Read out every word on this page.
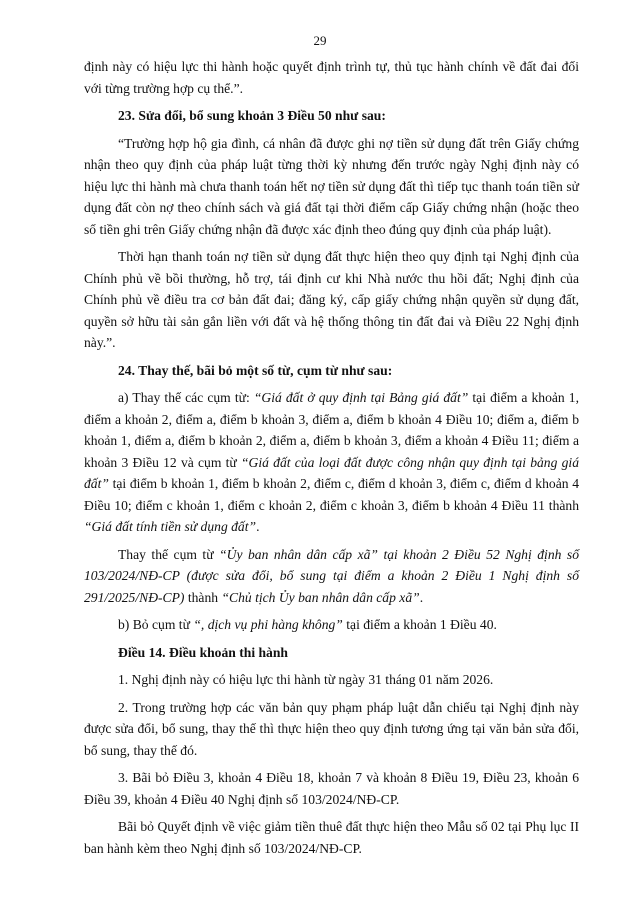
29

định này có hiệu lực thi hành hoặc quyết định trình tự, thủ tục hành chính về đất đai đối với từng trường hợp cụ thể.”.

23. Sửa đổi, bổ sung khoản 3 Điều 50 như sau:

“Trường hợp hộ gia đình, cá nhân đã được ghi nợ tiền sử dụng đất trên Giấy chứng nhận theo quy định của pháp luật từng thời kỳ nhưng đến trước ngày Nghị định này có hiệu lực thi hành mà chưa thanh toán hết nợ tiền sử dụng đất thì tiếp tục thanh toán tiền sử dụng đất còn nợ theo chính sách và giá đất tại thời điểm cấp Giấy chứng nhận (hoặc theo số tiền ghi trên Giấy chứng nhận đã được xác định theo đúng quy định của pháp luật).

Thời hạn thanh toán nợ tiền sử dụng đất thực hiện theo quy định tại Nghị định của Chính phủ về bồi thường, hỗ trợ, tái định cư khi Nhà nước thu hồi đất; Nghị định của Chính phủ về điều tra cơ bản đất đai; đăng ký, cấp giấy chứng nhận quyền sử dụng đất, quyền sở hữu tài sản gắn liền với đất và hệ thống thông tin đất đai và Điều 22 Nghị định này.”.

24. Thay thế, bãi bỏ một số từ, cụm từ như sau:

a) Thay thế các cụm từ: “Giá đất ở quy định tại Bảng giá đất” tại điểm a khoản 1, điểm a khoản 2, điểm a, điểm b khoản 3, điểm a, điểm b khoản 4 Điều 10; điểm a, điểm b khoản 1, điểm a, điểm b khoản 2, điểm a, điểm b khoản 3, điểm a khoản 4 Điều 11; điểm a khoản 3 Điều 12 và cụm từ “Giá đất của loại đất được công nhận quy định tại bảng giá đất” tại điểm b khoản 1, điểm b khoản 2, điểm c, điểm d khoản 3, điểm c, điểm d khoản 4 Điều 10; điểm c khoản 1, điểm c khoản 2, điểm c khoản 3, điểm b khoản 4 Điều 11 thành “Giá đất tính tiền sử dụng đất”.

Thay thế cụm từ “Ủy ban nhân dân cấp xã” tại khoản 2 Điều 52 Nghị định số 103/2024/NĐ-CP (được sửa đổi, bổ sung tại điểm a khoản 2 Điều 1 Nghị định số 291/2025/NĐ-CP) thành “Chủ tịch Ủy ban nhân dân cấp xã”.

b) Bỏ cụm từ “, dịch vụ phi hàng không” tại điểm a khoản 1 Điều 40.

Điều 14. Điều khoản thi hành

1. Nghị định này có hiệu lực thi hành từ ngày 31 tháng 01 năm 2026.

2. Trong trường hợp các văn bản quy phạm pháp luật dẫn chiếu tại Nghị định này được sửa đổi, bổ sung, thay thế thì thực hiện theo quy định tương ứng tại văn bản sửa đổi, bổ sung, thay thế đó.

3. Bãi bỏ Điều 3, khoản 4 Điều 18, khoản 7 và khoản 8 Điều 19, Điều 23, khoản 6 Điều 39, khoản 4 Điều 40 Nghị định số 103/2024/NĐ-CP.

Bãi bỏ Quyết định về việc giảm tiền thuê đất thực hiện theo Mẫu số 02 tại Phụ lục II ban hành kèm theo Nghị định số 103/2024/NĐ-CP.
